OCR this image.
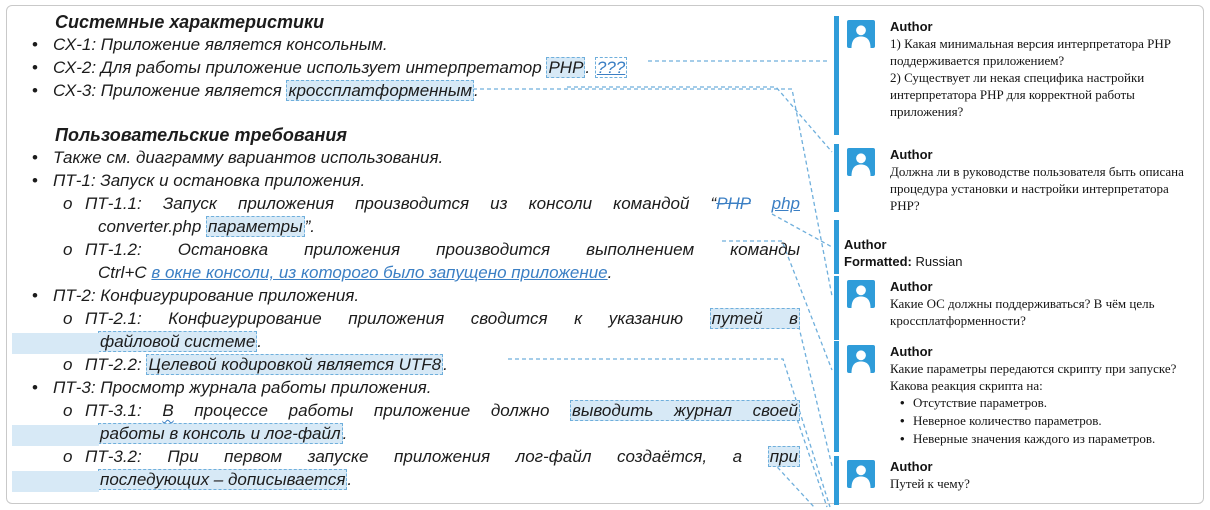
Системные характеристики
• СХ-1: Приложение является консольным.
• СХ-2: Для работы приложение использует интерпретатор PHP . ???
• СХ-3: Приложение является кроссплатформенным .
Пользовательские требования
• Также см. диаграмму вариантов использования.
• ПТ-1: Запуск и остановка приложения.
o ПТ-1.1: Запуск приложения производится из консоли командой “PHP php
converter.php параметры ”.
o ПТ-1.2: Остановка приложения производится выполнением команды
Ctrl+C в окне консоли, из которого было запущено приложение.
• ПТ-2: Конфигурирование приложения.
o ПТ-2.1: Конфигурирование приложения сводится к указанию путей в
файловой системе .
o ПТ-2.2: Целевой кодировкой является UTF8 .
• ПТ-3: Просмотр журнала работы приложения.
o ПТ-3.1: В процессе работы приложение должно выводить журнал своей
работы в консоль и лог-файл .
o ПТ-3.2: При первом запуске приложения лог-файл создаётся, а при
последующих – дописывается .
Author
1) Какая минимальная версия интерпретатора PHP поддерживается приложением?
2) Существует ли некая специфика настройки интерпретатора PHP для корректной работы приложения?
Author
Должна ли в руководстве пользователя быть описана процедура установки и настройки интерпретатора PHP?
Author
Formatted: Russian
Author
Какие ОС должны поддерживаться? В чём цель кроссплатформенности?
Author
Какие параметры передаются скрипту при запуске? Какова реакция скрипта на:
• Отсутствие параметров.
• Неверное количество параметров.
• Неверные значения каждого из параметров.
Author
Путей к чему?
